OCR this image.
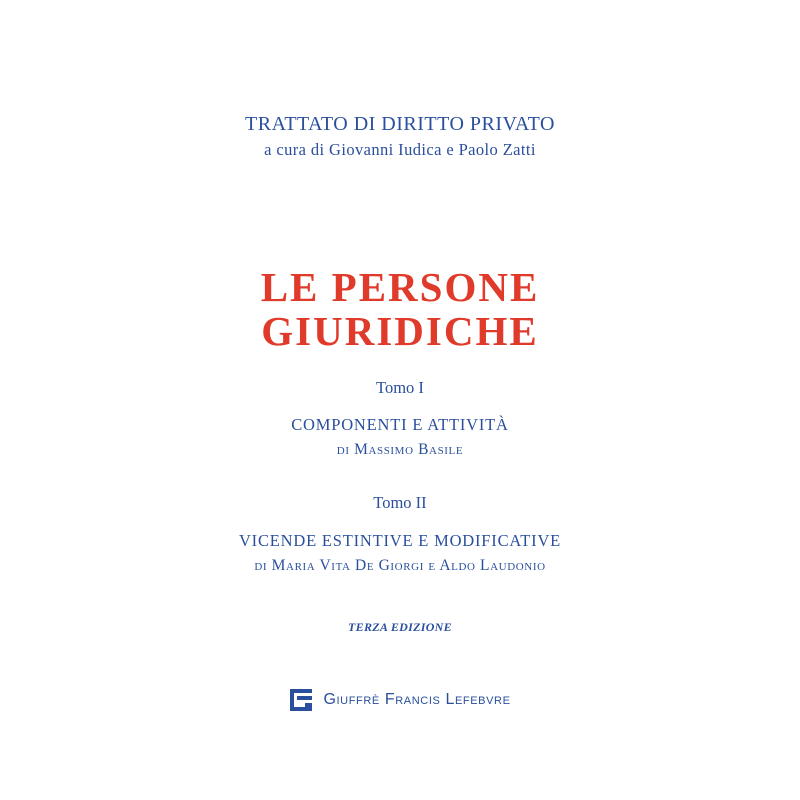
TRATTATO DI DIRITTO PRIVATO
a cura di Giovanni Iudica e Paolo Zatti
LE PERSONE
GIURIDICHE
Tomo I
COMPONENTI E ATTIVITÀ
di Massimo Basile
Tomo II
VICENDE ESTINTIVE E MODIFICATIVE
di Maria Vita De Giorgi e Aldo Laudonio
TERZA EDIZIONE
Giuffrè Francis Lefebvre
